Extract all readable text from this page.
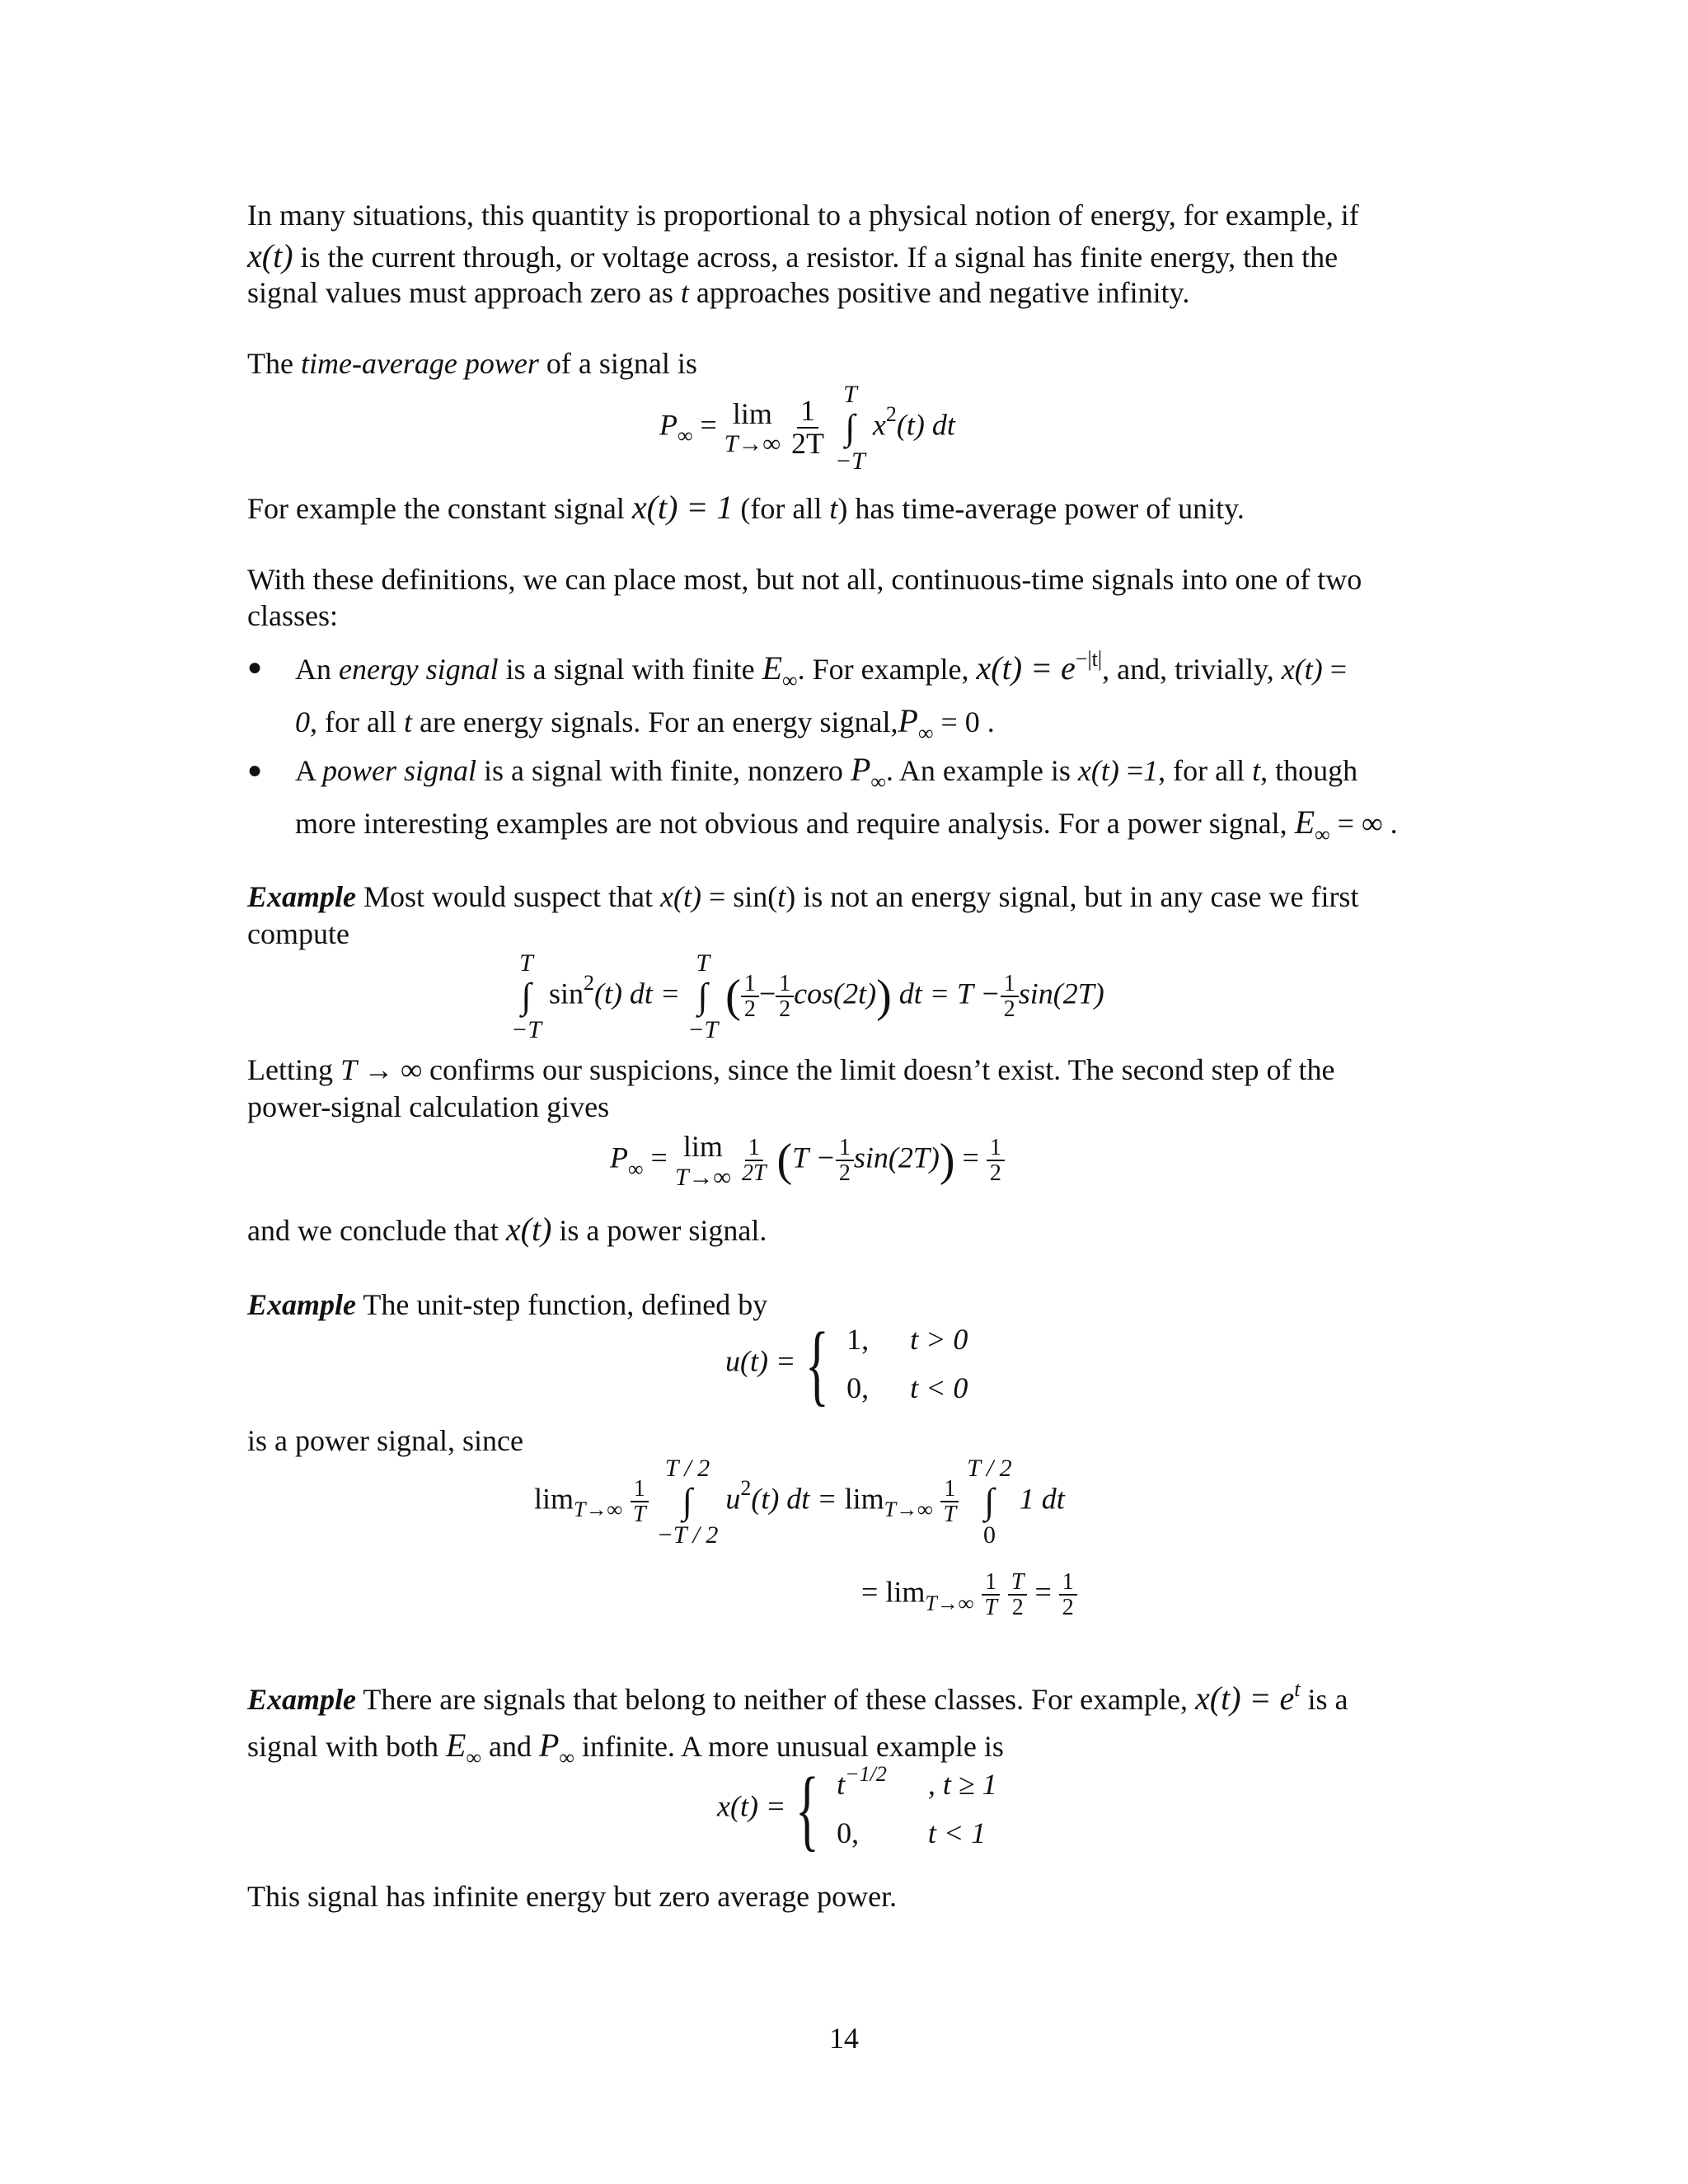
In many situations, this quantity is proportional to a physical notion of energy, for example, if
x(t) is the current through, or voltage across, a resistor. If a signal has finite energy, then the
signal values must approach zero as t approaches positive and negative infinity.
The time-average power of a signal is
$P_\infty = \lim$
T→∞
$\frac{1}{2T}$

T
∫
−T
$x^2(t)$ dt
For example the constant signal x(t) = 1 (for all t) has time-average power of unity.
With these definitions, we can place most, but not all, continuous-time signals into one of two
classes:
● An energy signal is a signal with finite $E_\infty$. For example, $x(t) = e^{-|t|}$, and, trivially, x(t) =
0, for all t are energy signals. For an energy $signal,P_\infty = 0$ .
● A power signal is a signal with finite, nonzero $P_\infty$. An example is x(t) =1, for all t, though
more interesting examples are not obvious and require analysis. For a power signal, $E_\infty$ = ∞ .
Example Most would suspect that x(t) = sin(t) is not an energy signal, but in any case we first
compute
T
∫
−T
$\sin^2(t)$ dt =
T
∫
−T
( $\frac{1}{2} - \frac{1}{2} \cos(2t)$) dt = $T - \frac{1}{2} \sin(2T)$
Letting T → ∞ confirms our suspicions, since the limit doesn’t exist. The second step of the
power-signal calculation gives
$P_\infty = \lim$
T→∞
$\frac{1}{2T} (T - \frac{1}{2} \sin(2T)) = \frac{1}{2}$
and we conclude that x(t) is a power signal.
Example The unit-step function, defined by
u(t) = { 1, t > 0
0, t < 0
is a power signal, since
$\lim_{T\to\infty} \frac{1}{T}$

T / 2
∫
−T / 2
$u^2(t)$ dt = $\lim_{T\to\infty} \frac{1}{T}$

T / 2
∫
0
1 dt
= $\lim_{T\to\infty} \frac{1}{T}$
$\frac{T}{2} = \frac{1}{2}$
Example There are signals that belong to neither of these classes. For example, $x(t) = e^t$ is a
signal with both $E_\infty$ and $P_\infty$ infinite. A more unusual example is
x(t) = { $t^{-1/2}$ , t ≥ 1
0,	t < 1
This signal has infinite energy but zero average power.
14
